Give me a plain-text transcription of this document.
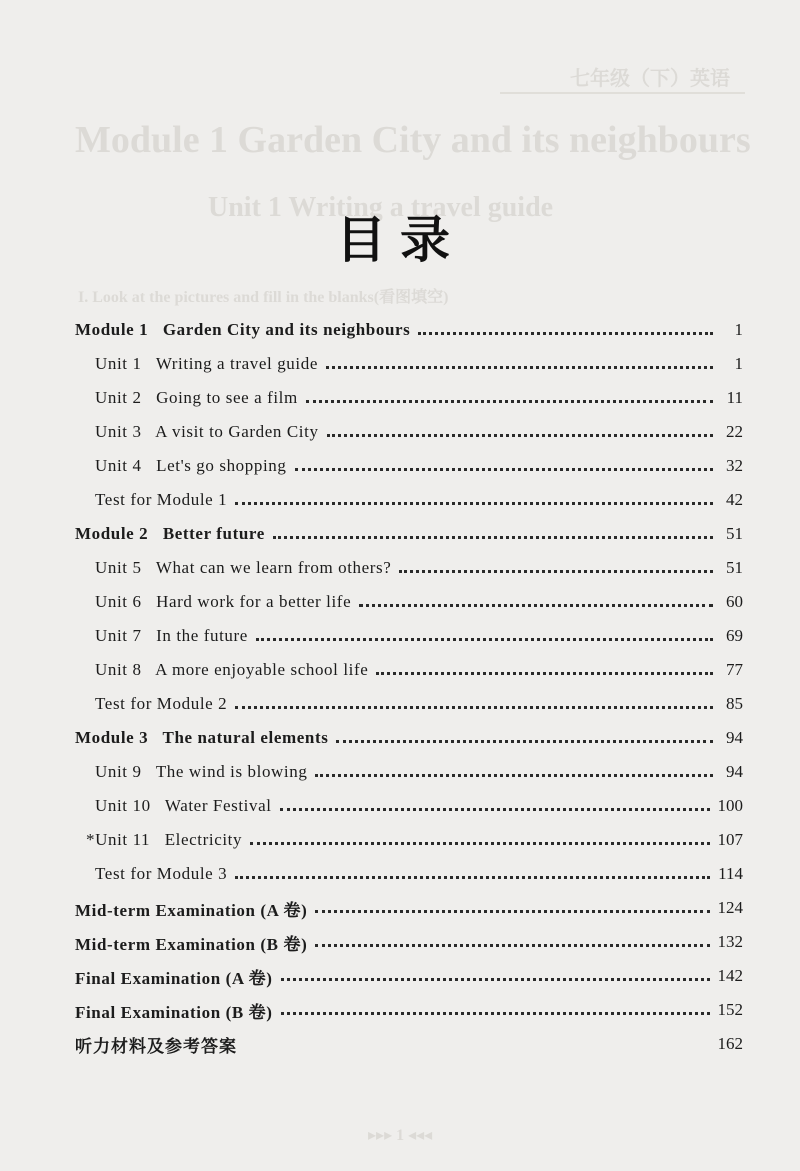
七年级（下）英语
Module 1 Garden City and its neighbours
Unit 1 Writing a travel guide
I. Look at the pictures and fill in the blanks(看图填空)
▸▸▸ 1 ◂◂◂
目录
Module 1   Garden City and its neighbours	1
Unit 1   Writing a travel guide	1
Unit 2   Going to see a film	11
Unit 3   A visit to Garden City	22
Unit 4   Let's go shopping	32
Test for Module 1	42
Module 2   Better future	51
Unit 5   What can we learn from others?	51
Unit 6   Hard work for a better life	60
Unit 7   In the future	69
Unit 8   A more enjoyable school life	77
Test for Module 2	85
Module 3   The natural elements	94
Unit 9   The wind is blowing	94
Unit 10   Water Festival	100
*Unit 11   Electricity	107
Test for Module 3	114
Mid-term Examination (A 卷)	124
Mid-term Examination (B 卷)	132
Final Examination (A 卷)	142
Final Examination (B 卷)	152
听力材料及参考答案	162
